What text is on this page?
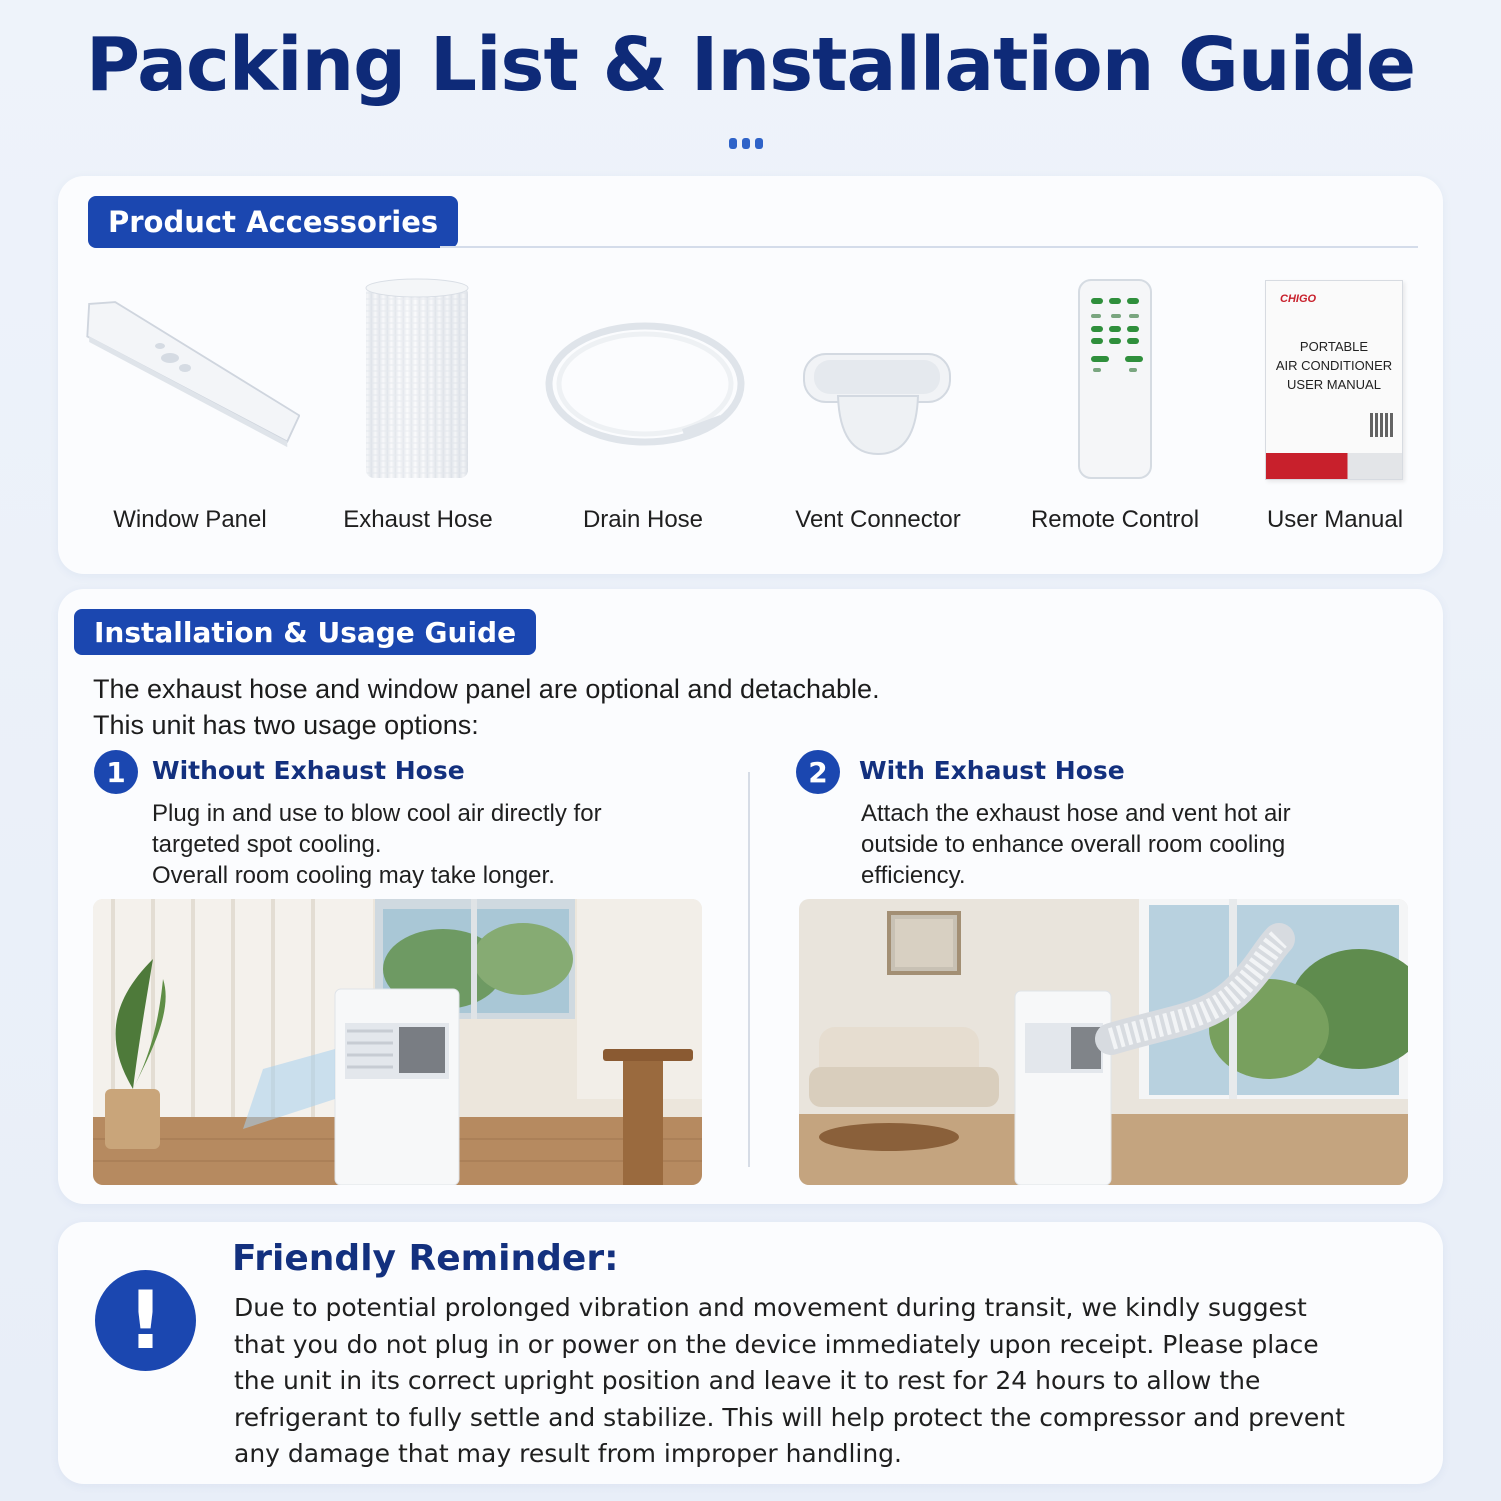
Packing List & Installation Guide
Product Accessories
Window Panel	Exhaust Hose	Drain Hose	Vent Connector	Remote Control
CHIGO
PORTABLE
AIR CONDITIONER
USER MANUAL
User Manual
Installation & Usage Guide
The exhaust hose and window panel are optional and detachable.
This unit has two usage options:
1	Without Exhaust Hose
Plug in and use to blow cool air directly for
targeted spot cooling.
Overall room cooling may take longer.
2	With Exhaust Hose
Attach the exhaust hose and vent hot air
outside to enhance overall room cooling
efficiency.
!
Friendly Reminder:
Due to potential prolonged vibration and movement during transit, we kindly suggest
that you do not plug in or power on the device immediately upon receipt. Please place
the unit in its correct upright position and leave it to rest for 24 hours to allow the
refrigerant to fully settle and stabilize. This will help protect the compressor and prevent
any damage that may result from improper handling.
